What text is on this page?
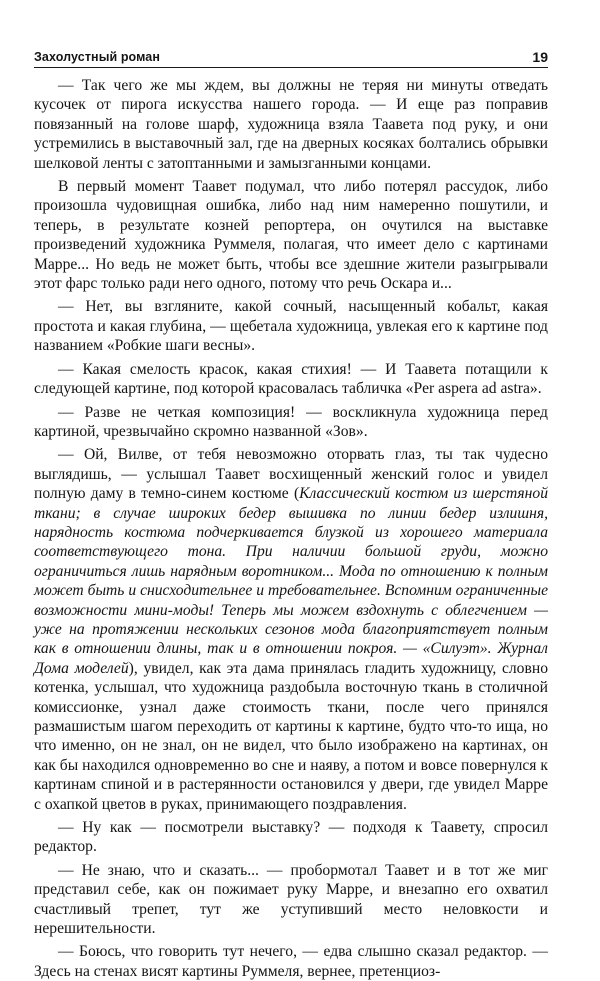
Захолустный роман	19

— Так чего же мы ждем, вы должны не теряя ни минуты отведать кусочек от пирога искусства нашего города. — И еще раз поправив повязанный на голове шарф, художница взяла Таавета под руку, и они устремились в выставочный зал, где на дверных косяках болтались обрывки шелковой ленты с затоптанными и замызганными концами.

В первый момент Таавет подумал, что либо потерял рассудок, либо произошла чудовищная ошибка, либо над ним намеренно пошутили, и теперь, в результате козней репортера, он очутился на выставке произведений художника Руммеля, полагая, что имеет дело с картинами Марре... Но ведь не может быть, чтобы все здешние жители разыгрывали этот фарс только ради него одного, потому что речь Оскара и...

— Нет, вы взгляните, какой сочный, насыщенный кобальт, какая простота и какая глубина, — щебетала художница, увлекая его к картине под названием «Робкие шаги весны».

— Какая смелость красок, какая стихия! — И Таавета потащили к следующей картине, под которой красовалась табличка «Per aspera ad astra».

— Разве не четкая композиция! — воскликнула художница перед картиной, чрезвычайно скромно названной «Зов».

— Ой, Вилве, от тебя невозможно оторвать глаз, ты так чудесно выглядишь, — услышал Таавет восхищенный женский голос и увидел полную даму в темно-синем костюме (Классический костюм из шерстяной ткани; в случае широких бедер вышивка по линии бедер излишня, нарядность костюма подчеркивается блузкой из хорошего материала соответствующего тона. При наличии большой груди, можно ограничиться лишь нарядным воротником... Мода по отношению к полным может быть и снисходительнее и требовательнее. Вспомним ограниченные возможности мини-моды! Теперь мы можем вздохнуть с облегчением — уже на протяжении нескольких сезонов мода благоприятствует полным как в отношении длины, так и в отношении покроя. — «Силуэт». Журнал Дома моделей), увидел, как эта дама принялась гладить художницу, словно котенка, услышал, что художница раздобыла восточную ткань в столичной комиссионке, узнал даже стоимость ткани, после чего принялся размашистым шагом переходить от картины к картине, будто что-то ища, но что именно, он не знал, он не видел, что было изображено на картинах, он как бы находился одновременно во сне и наяву, а потом и вовсе повернулся к картинам спиной и в растерянности остановился у двери, где увидел Марре с охапкой цветов в руках, принимающего поздравления.

— Ну как — посмотрели выставку? — подходя к Таавету, спросил редактор.

— Не знаю, что и сказать... — пробормотал Таавет и в тот же миг представил себе, как он пожимает руку Марре, и внезапно его охватил счастливый трепет, тут же уступивший место неловкости и нерешительности.

— Боюсь, что говорить тут нечего, — едва слышно сказал редактор. — Здесь на стенах висят картины Руммеля, вернее, претенциоз-
